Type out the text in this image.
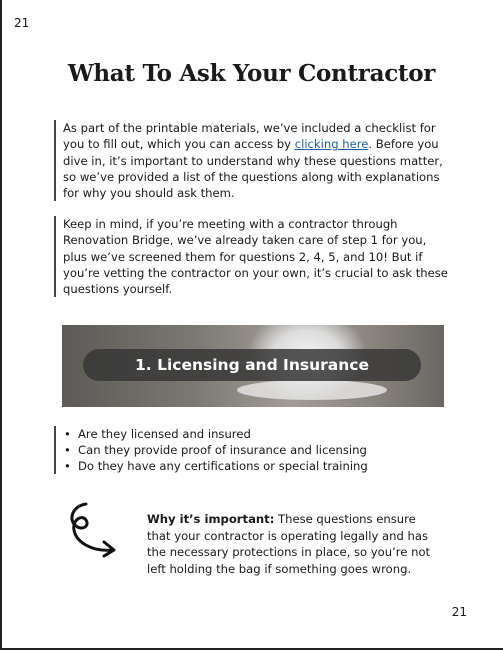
21
What To Ask Your Contractor
As part of the printable materials, we’ve included a checklist for you to fill out, which you can access by clicking here. Before you dive in, it’s important to understand why these questions matter, so we’ve provided a list of the questions along with explanations for why you should ask them.
Keep in mind, if you’re meeting with a contractor through Renovation Bridge, we’ve already taken care of step 1 for you, plus we’ve screened them for questions 2, 4, 5, and 10! But if you’re vetting the contractor on your own, it’s crucial to ask these questions yourself.
1. Licensing and Insurance
• Are they licensed and insured
• Can they provide proof of insurance and licensing
• Do they have any certifications or special training
Why it’s important: These questions ensure that your contractor is operating legally and has the necessary protections in place, so you’re not left holding the bag if something goes wrong.
21
